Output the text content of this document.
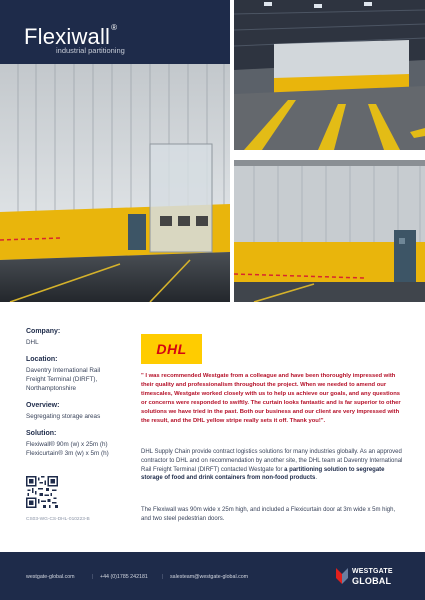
Flexiwall®
industrial partitioning
Company:
DHL
Location:
Daventry International Rail
Freight Terminal (DIRFT),
Northamptonshire
Overview:
Segregating storage areas
Solution:
Flexiwall® 90m (w) x 25m (h)
Flexicurtain® 3m (w) x 5m (h)
CS03-WG-CS-DHL-010223-B
DHL
" I was recommended Westgate from a colleague and have been thoroughly impressed with their quality and professionalism throughout the project. When we needed to amend our timescales, Westgate worked closely with us to help us achieve our goals, and any questions or concerns were responded to swiftly. The curtain looks fantastic and is far superior to other solutions we have tried in the past. Both our business and our client are very impressed with the result, and the DHL yellow stripe really sets it off. Thank you!".
DHL Supply Chain provide contract logistics solutions for many industries globally. As an approved contractor to DHL and on recommendation by another site, the DHL team at Daventry International Rail Freight Terminal (DIRFT) contacted Westgate for a partitioning solution to segregate storage of food and drink containers from non-food products.
The Flexiwall was 90m wide x 25m high, and included a Flexicurtain door at 3m wide x 5m high, and two steel pedestrian doors.
westgate-global.com	| +44 (0)1785 242181	| salesteam@westgate-global.com
WESTGATE
GLOBAL
